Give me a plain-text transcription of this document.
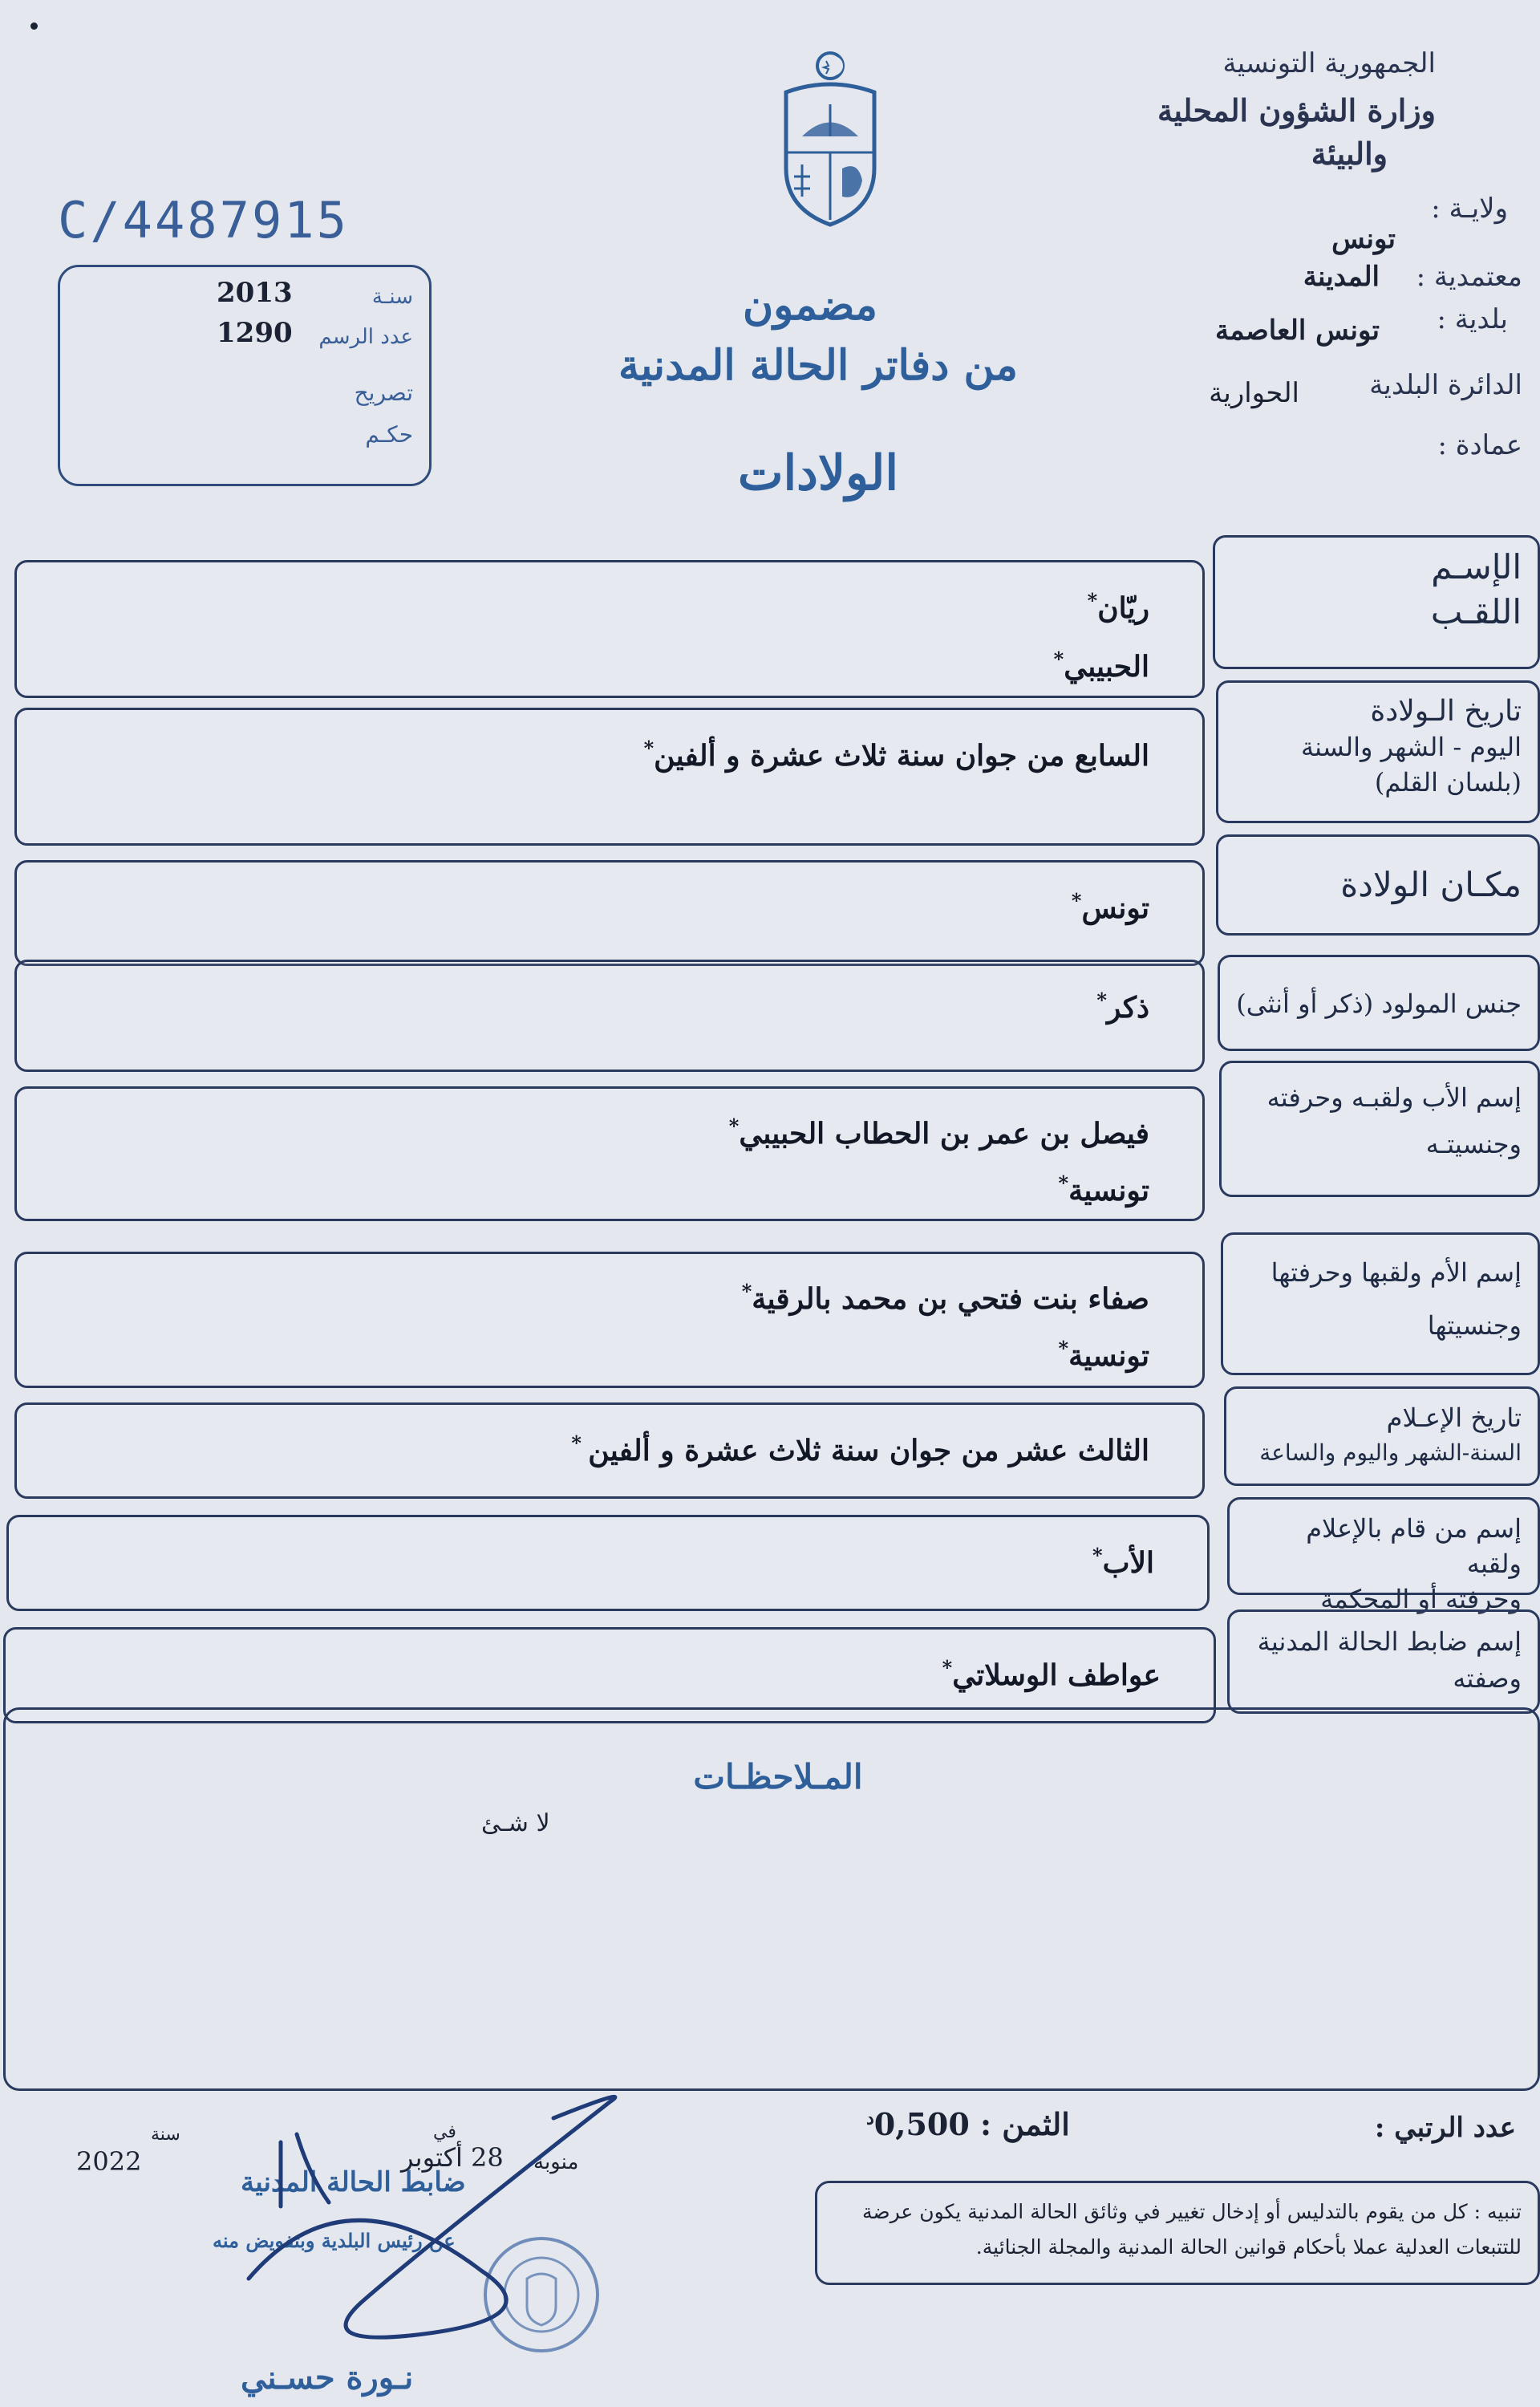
الجمهورية التونسية
وزارة الشؤون المحلية
والبيئة
ولايـة :
تونس
معتمدية :
المدينة
بلدية :
تونس العاصمة
الدائرة البلدية
الحوارية
عمادة :
C/4487915
سنـة
2013
عدد الرسم
1290
تصريح
حكـم
مضمون
من دفاتر الحالة المدنية
الولادات
الإسـم
اللقـب
ريّان*
الحبيبي*
تاريخ الـولادة
اليوم - الشهر والسنة
(بلسان القلم)
السابع من جوان سنة ثلاث عشرة و ألفين*
مكـان الولادة
تونس*
جنس المولود (ذكر أو أنثى)
ذكر*
إسم الأب ولقبـه وحرفته
وجنسيتـه
فيصل بن عمر بن الحطاب الحبيبي*
تونسية*
إسم الأم ولقبها وحرفتها
وجنسيتها
صفاء بنت فتحي بن محمد بالرقية*
تونسية*
تاريخ الإعـلام
السنة-الشهر واليوم والساعة
الثالث عشر من جوان سنة ثلاث عشرة و ألفين *
إسم من قام بالإعلام ولقبه
وحرفته أو المحكمة
الأب*
إسم ضابط الحالة المدنية
وصفته
عواطف الوسلاتي*
المـلاحظـات
لا شـئ
عدد الرتبي :
الثمن : $0,500^د$
منوبة
في
28 أكتوبر
سنة
2022
ضابط الحالة المدنية
عن رئيس البلدية وبتفويض منه
نـورة حسـني
تنبيه : كل من يقوم بالتدليس أو إدخال تغيير في وثائق الحالة المدنية يكون عرضة للتتبعات العدلية عملا بأحكام قوانين الحالة المدنية والمجلة الجنائية.
